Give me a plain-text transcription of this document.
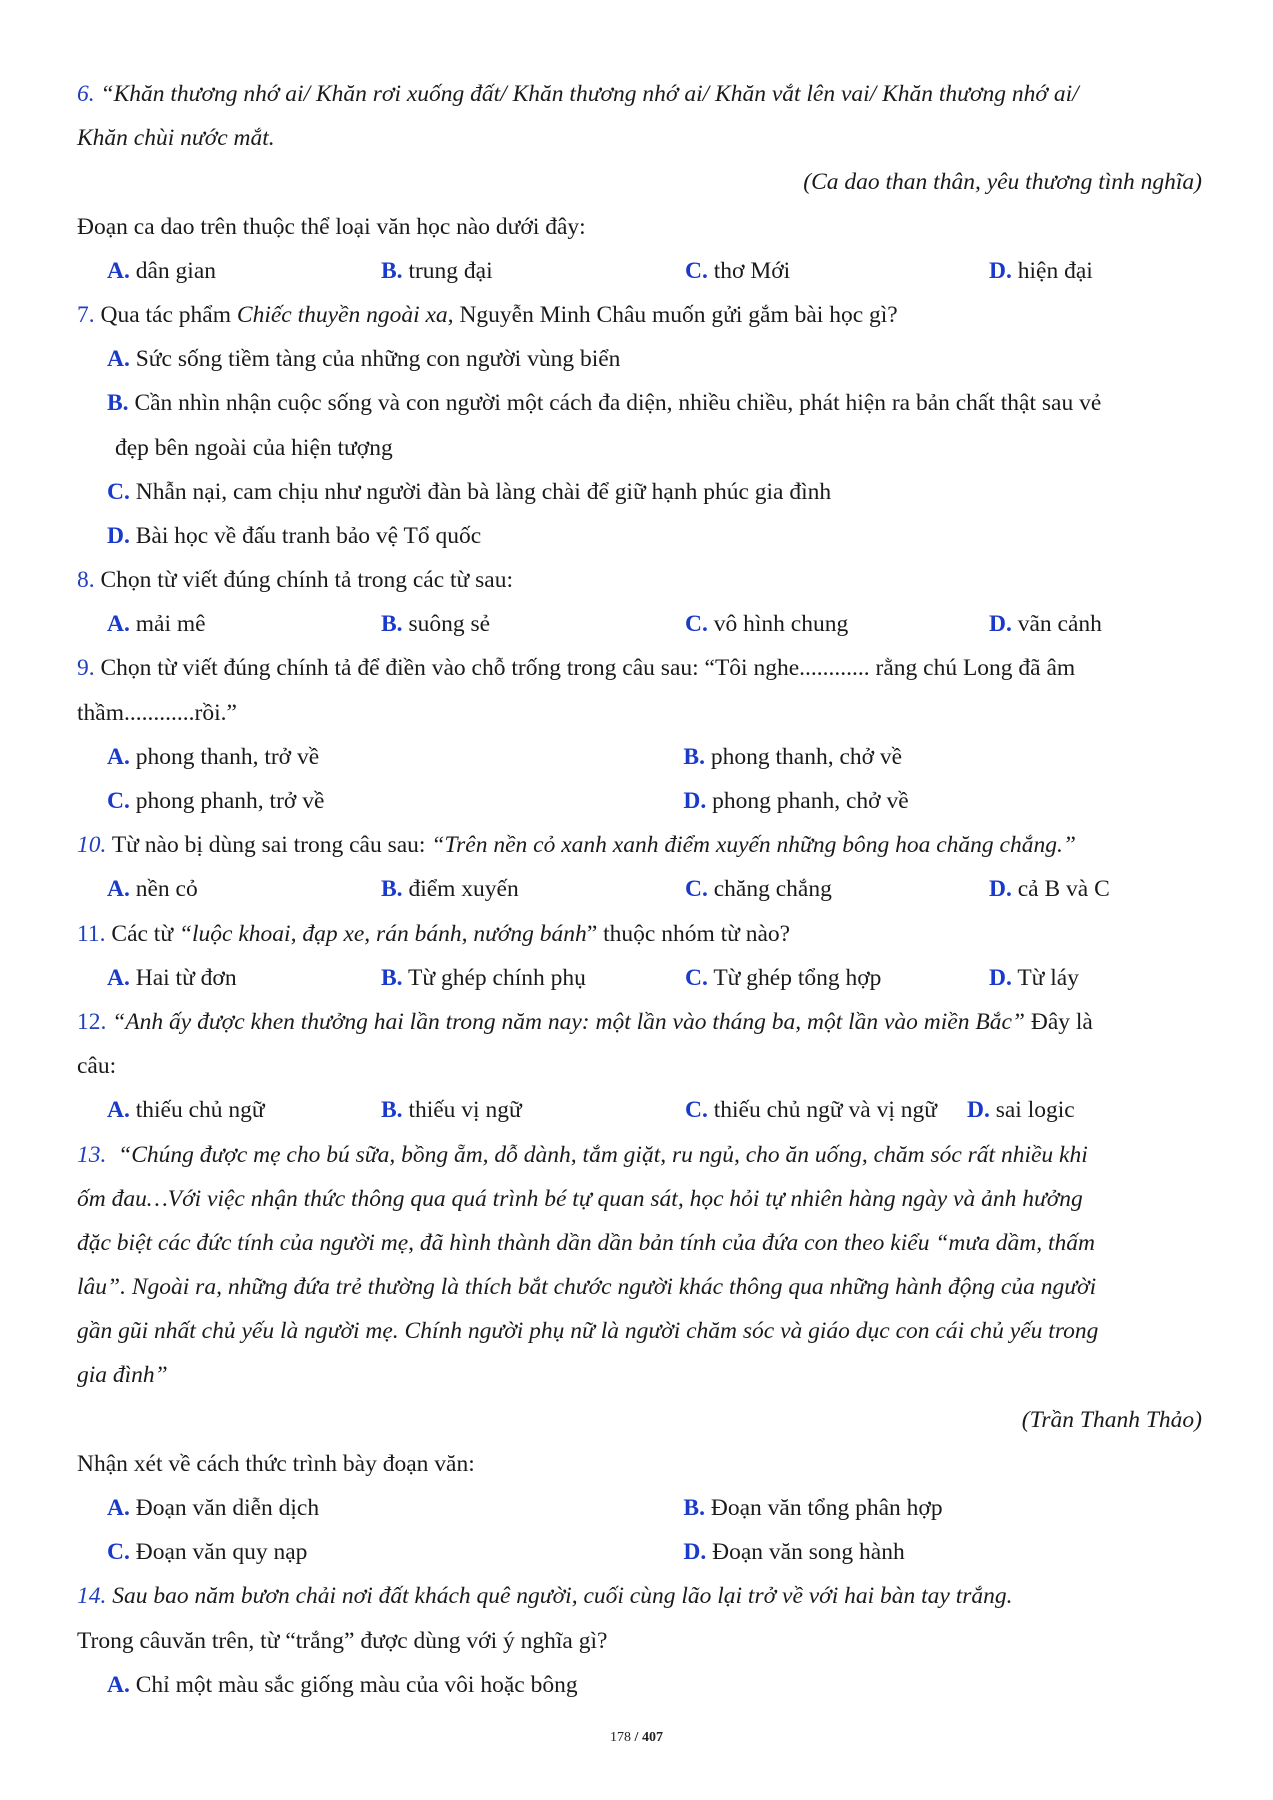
6. “Khăn thương nhớ ai/ Khăn rơi xuống đất/ Khăn thương nhớ ai/ Khăn vắt lên vai/ Khăn thương nhớ ai/
Khăn chùi nước mắt.
(Ca dao than thân, yêu thương tình nghĩa)
Đoạn ca dao trên thuộc thể loại văn học nào dưới đây:
A. dân gian	B. trung đại	C. thơ Mới	D. hiện đại
7. Qua tác phẩm Chiếc thuyền ngoài xa, Nguyễn Minh Châu muốn gửi gắm bài học gì?
A. Sức sống tiềm tàng của những con người vùng biển
B. Cần nhìn nhận cuộc sống và con người một cách đa diện, nhiều chiều, phát hiện ra bản chất thật sau vẻ
đẹp bên ngoài của hiện tượng
C. Nhẫn nại, cam chịu như người đàn bà làng chài để giữ hạnh phúc gia đình
D. Bài học về đấu tranh bảo vệ Tổ quốc
8. Chọn từ viết đúng chính tả trong các từ sau:
A. mải mê	B. suông sẻ	C. vô hình chung	D. vãn cảnh
9. Chọn từ viết đúng chính tả để điền vào chỗ trống trong câu sau: “Tôi nghe............ rằng chú Long đã âm
thầm............rồi.”
A. phong thanh, trở về	B. phong thanh, chở về
C. phong phanh, trở về	D. phong phanh, chở về
10. Từ nào bị dùng sai trong câu sau: “Trên nền cỏ xanh xanh điểm xuyến những bông hoa chăng chắng.”
A. nền cỏ	B. điểm xuyến	C. chăng chắng	D. cả B và C
11. Các từ “luộc khoai, đạp xe, rán bánh, nướng bánh” thuộc nhóm từ nào?
A. Hai từ đơn	B. Từ ghép chính phụ	C. Từ ghép tổng hợp	D. Từ láy
12. “Anh ấy được khen thưởng hai lần trong năm nay: một lần vào tháng ba, một lần vào miền Bắc” Đây là
câu:
A. thiếu chủ ngữ	B. thiếu vị ngữ	C. thiếu chủ ngữ và vị ngữ	D. sai logic
13. “Chúng được mẹ cho bú sữa, bồng ẵm, dỗ dành, tắm giặt, ru ngủ, cho ăn uống, chăm sóc rất nhiều khi
ốm đau…Với việc nhận thức thông qua quá trình bé tự quan sát, học hỏi tự nhiên hàng ngày và ảnh hưởng
đặc biệt các đức tính của người mẹ, đã hình thành dần dần bản tính của đứa con theo kiểu “mưa dầm, thấm
lâu”. Ngoài ra, những đứa trẻ thường là thích bắt chước người khác thông qua những hành động của người
gần gũi nhất chủ yếu là người mẹ. Chính người phụ nữ là người chăm sóc và giáo dục con cái chủ yếu trong
gia đình”
(Trần Thanh Thảo)
Nhận xét về cách thức trình bày đoạn văn:
A. Đoạn văn diễn dịch	B. Đoạn văn tổng phân hợp
C. Đoạn văn quy nạp	D. Đoạn văn song hành
14. Sau bao năm bươn chải nơi đất khách quê người, cuối cùng lão lại trở về với hai bàn tay trắng.
Trong câuvăn trên, từ “trắng” được dùng với ý nghĩa gì?
A. Chỉ một màu sắc giống màu của vôi hoặc bông
178 / 407
